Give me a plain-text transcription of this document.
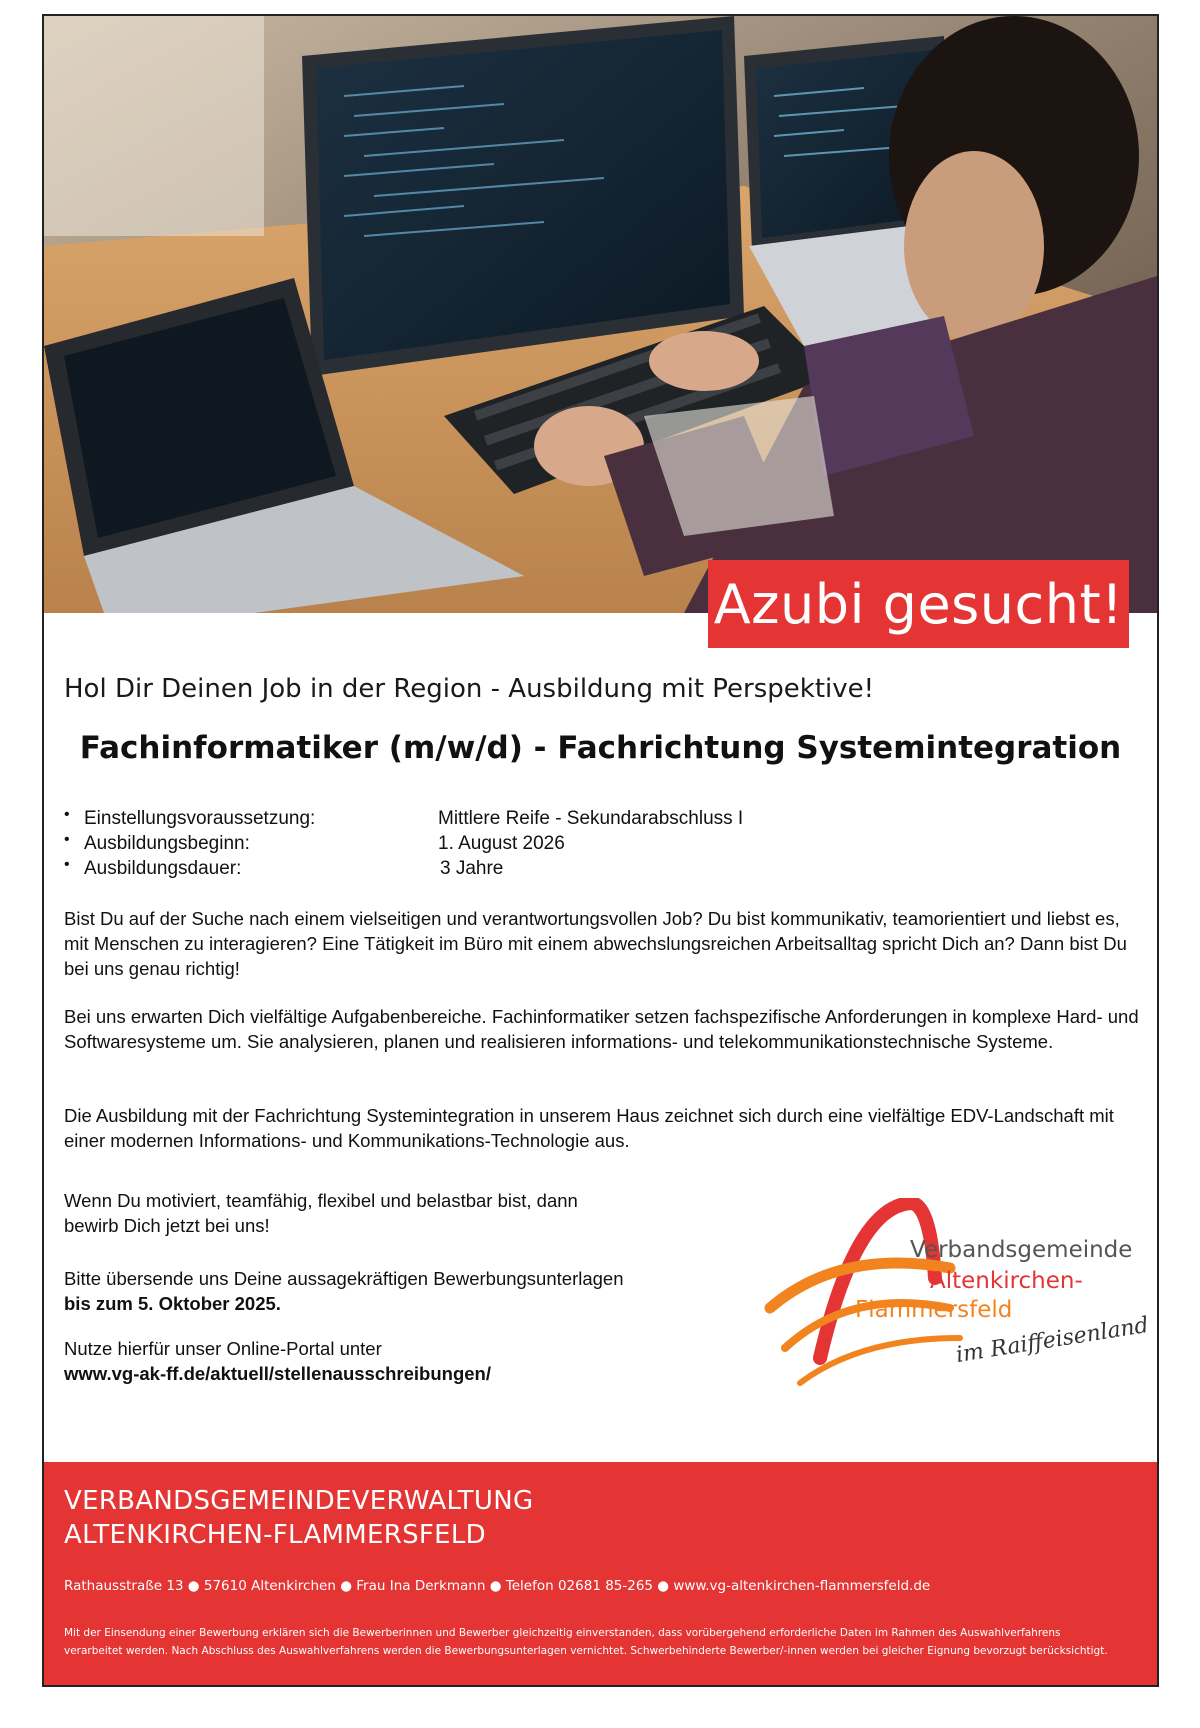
Azubi gesucht!
Hol Dir Deinen Job in der Region - Ausbildung mit Perspektive!
Fachinformatiker (m/w/d) - Fachrichtung Systemintegration
• Einstellungsvoraussetzung:	Mittlere Reife - Sekundarabschluss I
• Ausbildungsbeginn:	1. August 2026
• Ausbildungsdauer:	3 Jahre
Bist Du auf der Suche nach einem vielseitigen und verantwortungsvollen Job? Du bist kommunikativ, teamorientiert und liebst es, mit Menschen zu interagieren? Eine Tätigkeit im Büro mit einem abwechslungsreichen Arbeitsalltag spricht Dich an? Dann bist Du bei uns genau richtig!
Bei uns erwarten Dich vielfältige Aufgabenbereiche. Fachinformatiker setzen fachspezifische Anforderungen in komplexe Hard- und Softwaresysteme um. Sie analysieren, planen und realisieren informations- und telekommunikationstechnische Systeme.
Die Ausbildung mit der Fachrichtung Systemintegration in unserem Haus zeichnet sich durch eine vielfältige EDV-Landschaft mit einer modernen Informations- und Kommunikations-Technologie aus.
Wenn Du motiviert, teamfähig, flexibel und belastbar bist, dann bewirb Dich jetzt bei uns!
Bitte übersende uns Deine aussagekräftigen Bewerbungsunterlagen bis zum 5. Oktober 2025.
Nutze hierfür unser Online-Portal unter
www.vg-ak-ff.de/aktuell/stellenausschreibungen/
Verbandsgemeinde
Altenkirchen-
Flammersfeld
im Raiffeisenland
VERBANDSGEMEINDEVERWALTUNG
ALTENKIRCHEN-FLAMMERSFELD
Rathausstraße 13 ● 57610 Altenkirchen ● Frau Ina Derkmann ● Telefon 02681 85-265 ● www.vg-altenkirchen-flammersfeld.de
Mit der Einsendung einer Bewerbung erklären sich die Bewerberinnen und Bewerber gleichzeitig einverstanden, dass vorübergehend erforderliche Daten im Rahmen des Auswahlverfahrens verarbeitet werden. Nach Abschluss des Auswahlverfahrens werden die Bewerbungsunterlagen vernichtet. Schwerbehinderte Bewerber/-innen werden bei gleicher Eignung bevorzugt berücksichtigt.
